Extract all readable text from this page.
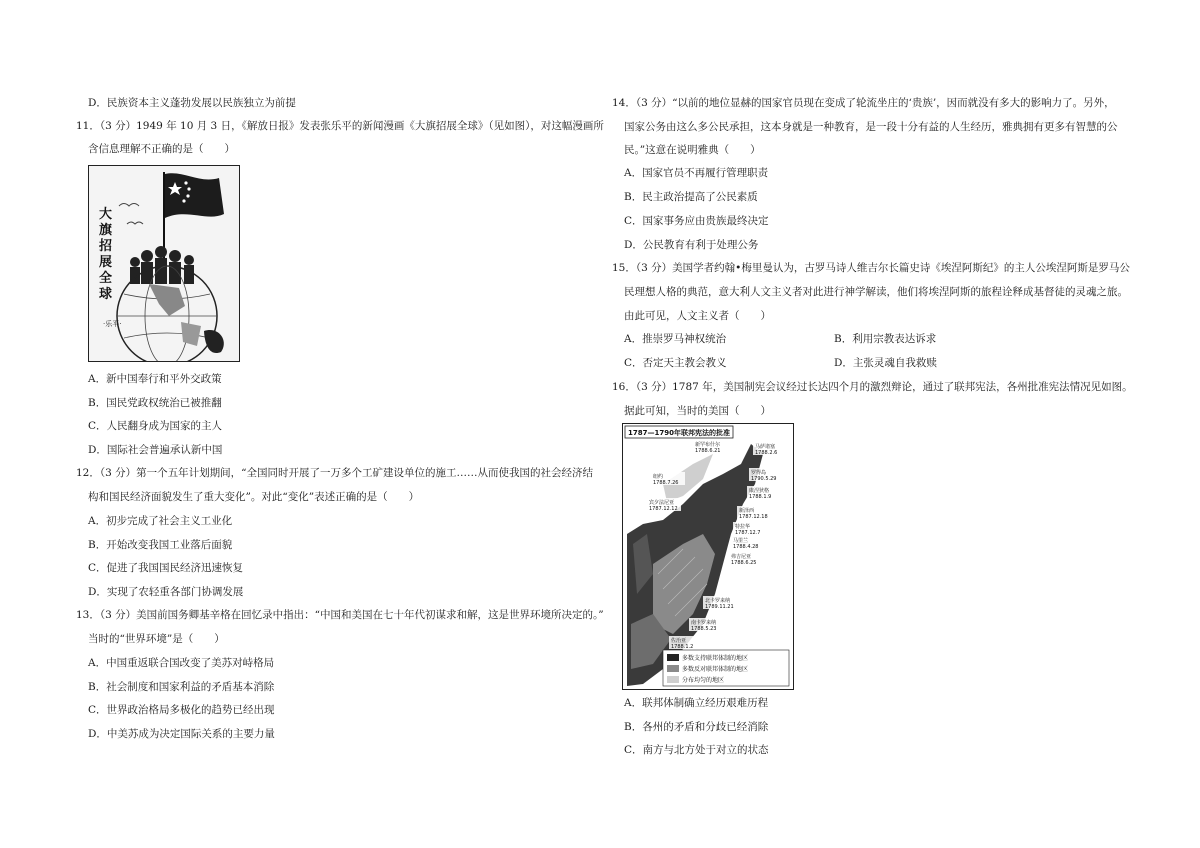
D．民族资本主义蓬勃发展以民族独立为前提
11．（3 分）1949 年 10 月 3 日，《解放日报》发表张乐平的新闻漫画《大旗招展全球》（见如图），对这幅漫画所
含信息理解不正确的是（　　）
大
旗
招
展
全
球
·乐平·
A．新中国奉行和平外交政策
B．国民党政权统治已被推翻
C．人民翻身成为国家的主人
D．国际社会普遍承认新中国
12．（3 分）第一个五年计划期间，“全国同时开展了一万多个工矿建设单位的施工……从而使我国的社会经济结
构和国民经济面貌发生了重大变化”。对此“变化”表述正确的是（　　）
A．初步完成了社会主义工业化
B．开始改变我国工业落后面貌
C．促进了我国国民经济迅速恢复
D．实现了农轻重各部门协调发展
13．（3 分）美国前国务卿基辛格在回忆录中指出：“中国和美国在七十年代初谋求和解，这是世界环境所决定的。”
当时的“世界环境”是（　　）
A．中国重返联合国改变了美苏对峙格局
B．社会制度和国家利益的矛盾基本消除
C．世界政治格局多极化的趋势已经出现
D．中美苏成为决定国际关系的主要力量
14．（3 分）“以前的地位显赫的国家官员现在变成了轮流坐庄的‘贵族’，因而就没有多大的影响力了。另外，
国家公务由这么多公民承担，这本身就是一种教育，是一段十分有益的人生经历，雅典拥有更多有智慧的公
民。”这意在说明雅典（　　）
A．国家官员不再履行管理职责
B．民主政治提高了公民素质
C．国家事务应由贵族最终决定
D．公民教育有利于处理公务
15．（3 分）美国学者约翰•梅里曼认为，古罗马诗人维吉尔长篇史诗《埃涅阿斯纪》的主人公埃涅阿斯是罗马公
民理想人格的典范，意大利人文主义者对此进行神学解读，他们将埃涅阿斯的旅程诠释成基督徒的灵魂之旅。
由此可见，人文主义者（　　）
A．推崇罗马神权统治	B．利用宗教表达诉求
C．否定天主教会教义	D．主张灵魂自我救赎
16．（3 分）1787 年，美国制宪会议经过长达四个月的激烈辩论，通过了联邦宪法，各州批准宪法情况见如图。
据此可知，当时的美国（　　）
1787—1790年联邦宪法的批准
新罕布什尔
1788.6.21
马萨诸塞
1788.2.6
纽约
1788.7.26
罗得岛
1790.5.29
宾夕法尼亚
1787.12.12
康涅狄格
1788.1.9
新泽西
1787.12.18
特拉华
1787.12.7
马里兰
1788.4.28
弗吉尼亚
1788.6.25
北卡罗来纳
1789.11.21
南卡罗来纳
1788.5.23
佐治亚
1788.1.2
多数支持联邦体制的地区
多数反对联邦体制的地区
分布均匀的地区
A．联邦体制确立经历艰难历程
B．各州的矛盾和分歧已经消除
C．南方与北方处于对立的状态
